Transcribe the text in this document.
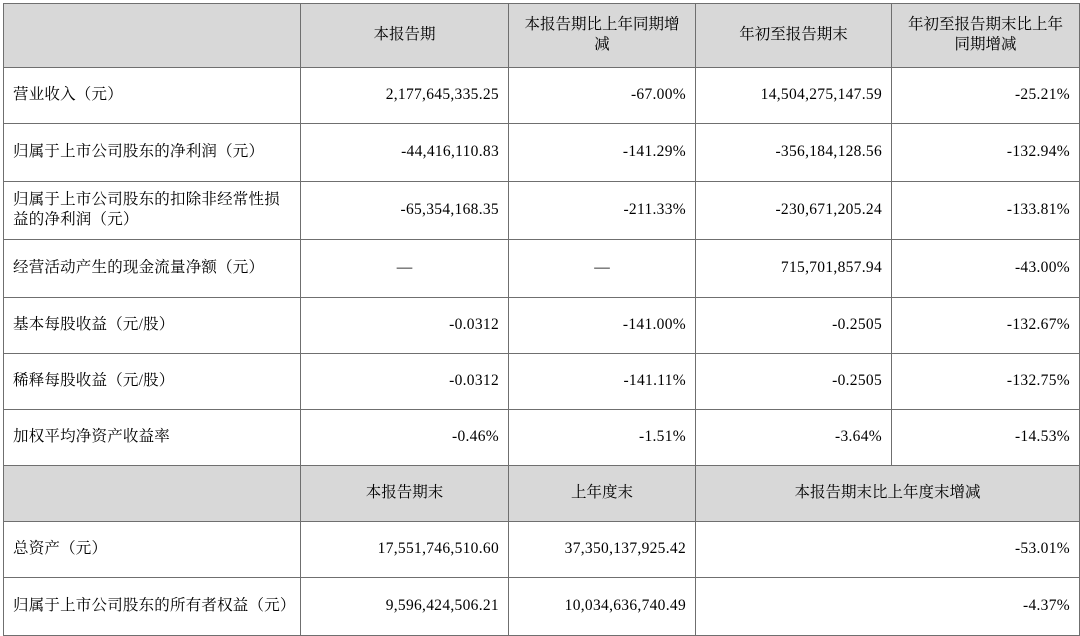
	本报告期	本报告期比上年同期增减	年初至报告期末	年初至报告期末比上年同期增减
营业收入（元）	2,177,645,335.25	-67.00%	14,504,275,147.59	-25.21%
归属于上市公司股东的净利润（元）	-44,416,110.83	-141.29%	-356,184,128.56	-132.94%
归属于上市公司股东的扣除非经常性损益的净利润（元）	-65,354,168.35	-211.33%	-230,671,205.24	-133.81%
经营活动产生的现金流量净额（元）	—	—	715,701,857.94	-43.00%
基本每股收益（元/股）	-0.0312	-141.00%	-0.2505	-132.67%
稀释每股收益（元/股）	-0.0312	-141.11%	-0.2505	-132.75%
加权平均净资产收益率	-0.46%	-1.51%	-3.64%	-14.53%
	本报告期末	上年度末	本报告期末比上年度末增减	
总资产（元）	17,551,746,510.60	37,350,137,925.42	-53.01%	
归属于上市公司股东的所有者权益（元）	9,596,424,506.21	10,034,636,740.49	-4.37%	
